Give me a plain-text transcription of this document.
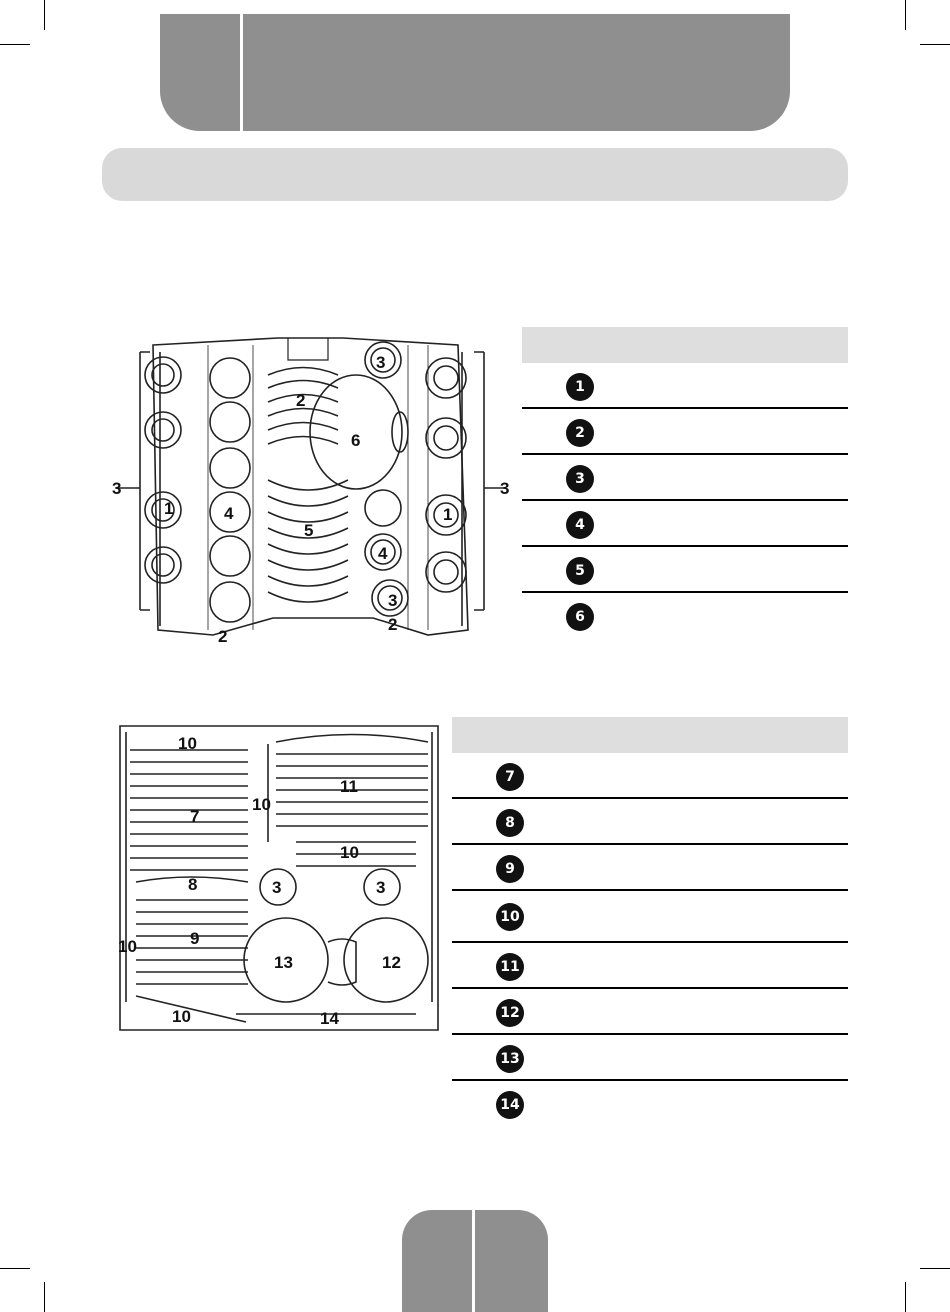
3	3
1	1
2
2
2
3
3
4
4
5
6
1
2
3
4
5
6
10
10
10
10
10
11
7
8
9
3	3
13	12
14
7
8
9
10
11
12
13
14
